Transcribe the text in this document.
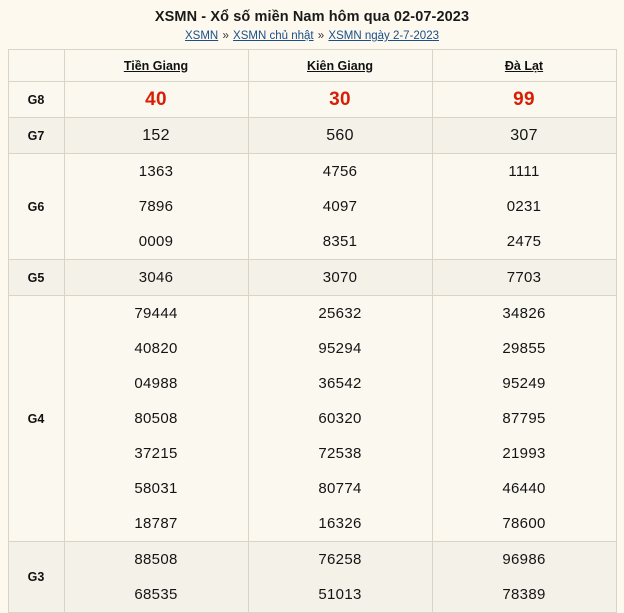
XSMN - Xổ số miền Nam hôm qua 02-07-2023
XSMN » XSMN chủ nhật » XSMN ngày 2-7-2023
	Tiền Giang	Kiên Giang	Đà Lạt
G8	40	30	99
G7	152	560	307
G6	1363	4756	1111
	7896	4097	0231
	0009	8351	2475
G5	3046	3070	7703
G4	79444	25632	34826
	40820	95294	29855
	04988	36542	95249
	80508	60320	87795
	37215	72538	21993
	58031	80774	46440
	18787	16326	78600
G3	88508	76258	96986
	68535	51013	78389
